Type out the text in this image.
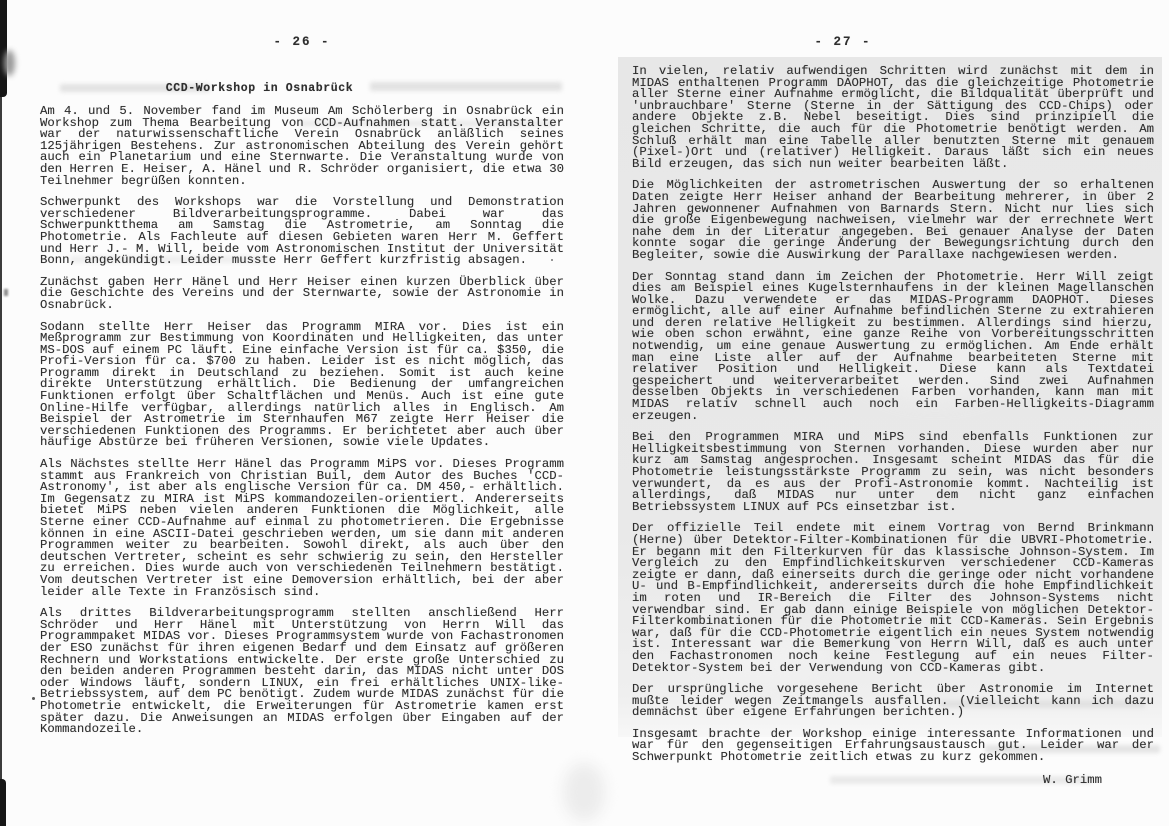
- 26 -
CCD-Workshop in Osnabrück

Am 4. und 5. November fand im Museum Am Schölerberg in Osnabrück ein Workshop zum Thema Bearbeitung von CCD-Aufnahmen statt. Veranstalter war der naturwissenschaftliche Verein Osnabrück anläßlich seines 125jährigen Bestehens. Zur astronomischen Abteilung des Verein gehört auch ein Planetarium und eine Sternwarte. Die Veranstaltung wurde von den Herren E. Heiser, A. Hänel und R. Schröder organisiert, die etwa 30 Teilnehmer begrüßen konnten.

Schwerpunkt des Workshops war die Vorstellung und Demonstration verschiedener Bildverarbeitungsprogramme. Dabei war das Schwerpunktthema am Samstag die Astrometrie, am Sonntag die Photometrie. Als Fachleute auf diesen Gebieten waren Herr M. Geffert und Herr J.- M. Will, beide vom Astronomischen Institut der Universität Bonn, angekündigt. Leider musste Herr Geffert kurzfristig absagen.

Zunächst gaben Herr Hänel und Herr Heiser einen kurzen Überblick über die Geschichte des Vereins und der Sternwarte, sowie der Astronomie in Osnabrück.

Sodann stellte Herr Heiser das Programm MIRA vor. Dies ist ein Meßprogramm zur Bestimmung von Koordinaten und Helligkeiten, das unter MS-DOS auf einem PC läuft. Eine einfache Version ist für ca. $350, die Profi-Version für ca. $700 zu haben. Leider ist es nicht möglich, das Programm direkt in Deutschland zu beziehen. Somit ist auch keine direkte Unterstützung erhältlich. Die Bedienung der umfangreichen Funktionen erfolgt über Schaltflächen und Menüs. Auch ist eine gute Online-Hilfe verfügbar, allerdings natürlich alles in Englisch. Am Beispiel der Astrometrie im Sternhaufen M67 zeigte Herr Heiser die verschiedenen Funktionen des Programms. Er berichtetet aber auch über häufige Abstürze bei früheren Versionen, sowie viele Updates.

Als Nächstes stellte Herr Hänel das Programm MiPS vor. Dieses Programm stammt aus Frankreich von Christian Buil, dem Autor des Buches 'CCD-Astronomy', ist aber als englische Version für ca. DM 450,- erhältlich. Im Gegensatz zu MIRA ist MiPS kommandozeilen-orientiert. Andererseits bietet MiPS neben vielen anderen Funktionen die Möglichkeit, alle Sterne einer CCD-Aufnahme auf einmal zu photometrieren. Die Ergebnisse können in eine ASCII-Datei geschrieben werden, um sie dann mit anderen Programmen weiter zu bearbeiten. Sowohl direkt, als auch über den deutschen Vertreter, scheint es sehr schwierig zu sein, den Hersteller zu erreichen. Dies wurde auch von verschiedenen Teilnehmern bestätigt. Vom deutschen Vertreter ist eine Demoversion erhältlich, bei der aber leider alle Texte in Französisch sind.

Als drittes Bildverarbeitungsprogramm stellten anschließend Herr Schröder und Herr Hänel mit Unterstützung von Herrn Will das Programmpaket MIDAS vor. Dieses Programmsystem wurde von Fachastronomen der ESO zunächst für ihren eigenen Bedarf und dem Einsatz auf größeren Rechnern und Workstations entwickelte. Der erste große Unterschied zu den beiden anderen Programmen besteht darin, das MIDAS nicht unter DOS oder Windows läuft, sondern LINUX, ein frei erhältliches UNIX-like-Betriebssystem, auf dem PC benötigt. Zudem wurde MIDAS zunächst für die Photometrie entwickelt, die Erweiterungen für Astrometrie kamen erst später dazu. Die Anweisungen an MIDAS erfolgen über Eingaben auf der Kommandozeile.

- 27 -

In vielen, relativ aufwendigen Schritten wird zunächst mit dem in MIDAS enthaltenen Programm DAOPHOT, das die gleichzeitige Photometrie aller Sterne einer Aufnahme ermöglicht, die Bildqualität überprüft und 'unbrauchbare' Sterne (Sterne in der Sättigung des CCD-Chips) oder andere Objekte z.B. Nebel beseitigt. Dies sind prinzipiell die gleichen Schritte, die auch für die Photometrie benötigt werden. Am Schluß erhält man eine Tabelle aller benutzten Sterne mit genauem (Pixel-)Ort und (relativer) Helligkeit. Daraus läßt sich ein neues Bild erzeugen, das sich nun weiter bearbeiten läßt.

Die Möglichkeiten der astrometrischen Auswertung der so erhaltenen Daten zeigte Herr Heiser anhand der Bearbeitung mehrerer, in über 2 Jahren gewonnener Aufnahmen von Barnards Stern. Nicht nur lies sich die große Eigenbewegung nachweisen, vielmehr war der errechnete Wert nahe dem in der Literatur angegeben. Bei genauer Analyse der Daten konnte sogar die geringe Änderung der Bewegungsrichtung durch den Begleiter, sowie die Auswirkung der Parallaxe nachgewiesen werden.

Der Sonntag stand dann im Zeichen der Photometrie. Herr Will zeigt dies am Beispiel eines Kugelsternhaufens in der kleinen Magellanschen Wolke. Dazu verwendete er das MIDAS-Programm DAOPHOT. Dieses ermöglicht, alle auf einer Aufnahme befindlichen Sterne zu extrahieren und deren relative Helligkeit zu bestimmen. Allerdings sind hierzu, wie oben schon erwähnt, eine ganze Reihe von Vorbereitungsschritten notwendig, um eine genaue Auswertung zu ermöglichen. Am Ende erhält man eine Liste aller auf der Aufnahme bearbeiteten Sterne mit relativer Position und Helligkeit. Diese kann als Textdatei gespeichert und weiterverarbeitet werden. Sind zwei Aufnahmen desselben Objekts in verschiedenen Farben vorhanden, kann man mit MIDAS relativ schnell auch noch ein Farben-Helligkeits-Diagramm erzeugen.

Bei den Programmen MIRA und MiPS sind ebenfalls Funktionen zur Helligkeitsbestimmung von Sternen vorhanden. Diese wurden aber nur kurz am Samstag angesprochen. Insgesamt scheint MIDAS das für die Photometrie leistungsstärkste Programm zu sein, was nicht besonders verwundert, da es aus der Profi-Astronomie kommt. Nachteilig ist allerdings, daß MIDAS nur unter dem nicht ganz einfachen Betriebssystem LINUX auf PCs einsetzbar ist.

Der offizielle Teil endete mit einem Vortrag von Bernd Brinkmann (Herne) über Detektor-Filter-Kombinationen für die UBVRI-Photometrie. Er begann mit den Filterkurven für das klassische Johnson-System. Im Vergleich zu den Empfindlichkeitskurven verschiedener CCD-Kameras zeigte er dann, daß einerseits durch die geringe oder nicht vorhandene U- und B-Empfindlichkeit, andererseits durch die hohe Empfindlichkeit im roten und IR-Bereich die Filter des Johnson-Systems nicht verwendbar sind. Er gab dann einige Beispiele von möglichen Detektor-Filterkombinationen für die Photometrie mit CCD-Kameras. Sein Ergebnis war, daß für die CCD-Photometrie eigentlich ein neues System notwendig ist. Interessant war die Bemerkung von Herrn Will, daß es auch unter den Fachastronomen noch keine Festlegung auf ein neues Filter-Detektor-System bei der Verwendung von CCD-Kameras gibt.

Der ursprüngliche vorgesehene Bericht über Astronomie im Internet mußte leider wegen Zeitmangels ausfallen. (Vielleicht kann ich dazu demnächst über eigene Erfahrungen berichten.)

Insgesamt brachte der Workshop einige interessante Informationen und war für den gegenseitigen Erfahrungsaustausch gut. Leider war der Schwerpunkt Photometrie zeitlich etwas zu kurz gekommen.

W. Grimm
